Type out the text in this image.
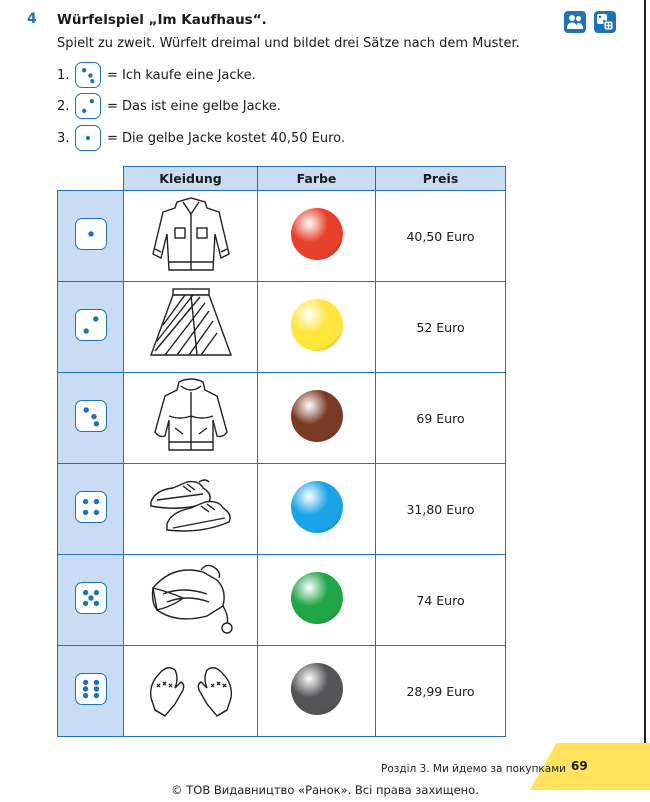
4 Würfelspiel „Im Kaufhaus“.
Spielt zu zweit. Würfelt dreimal und bildet drei Sätze nach dem Muster.
1.	= Ich kaufe eine Jacke.
2.	= Das ist eine gelbe Jacke.
3.	= Die gelbe Jacke kostet 40,50 Euro.
	Kleidung	Farbe	Preis

			40,50 Euro

			52 Euro

			69 Euro

			31,80 Euro

			74 Euro

			28,99 Euro
Розділ 3. Ми йдемо за покупками 69
© ТОВ Видавництво «Ранок». Всі права захищено.
